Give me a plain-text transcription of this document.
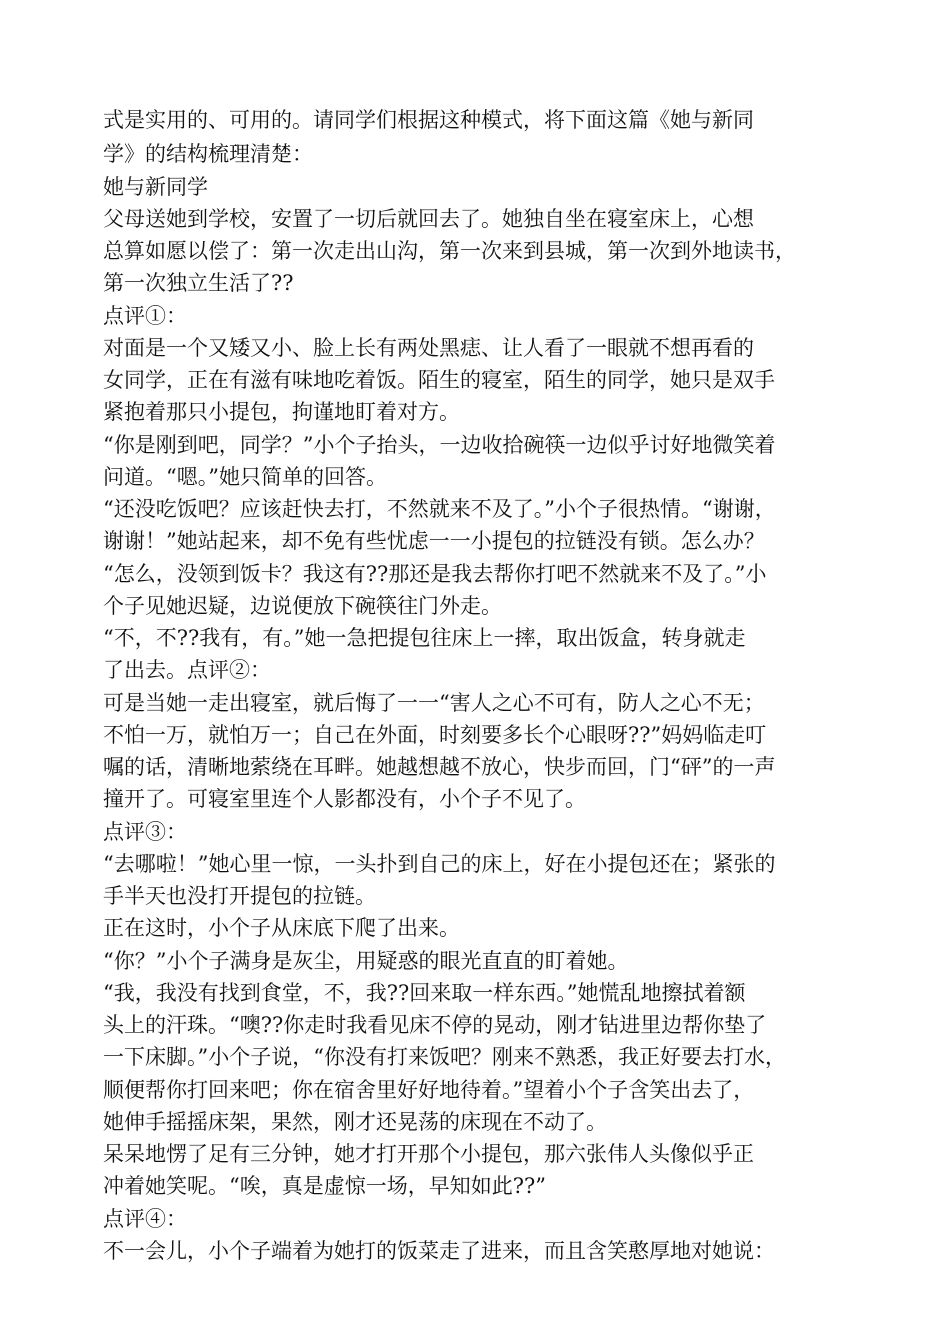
式是实用的、可用的。请同学们根据这种模式，将下面这篇《她与新同
学》的结构梳理清楚：
她与新同学
父母送她到学校，安置了一切后就回去了。她独自坐在寝室床上，心想
总算如愿以偿了：第一次走出山沟，第一次来到县城，第一次到外地读书，
第一次独立生活了??
点评①：
对面是一个又矮又小、脸上长有两处黑痣、让人看了一眼就不想再看的
女同学，正在有滋有味地吃着饭。陌生的寝室，陌生的同学，她只是双手
紧抱着那只小提包，拘谨地盯着对方。
“你是刚到吧，同学？”小个子抬头，一边收拾碗筷一边似乎讨好地微笑着
问道。“嗯。”她只简单的回答。
“还没吃饭吧？应该赶快去打，不然就来不及了。”小个子很热情。“谢谢，
谢谢！”她站起来，却不免有些忧虑一一小提包的拉链没有锁。怎么办？
“怎么，没领到饭卡？我这有??那还是我去帮你打吧不然就来不及了。”小
个子见她迟疑，边说便放下碗筷往门外走。
“不，不??我有，有。”她一急把提包往床上一摔，取出饭盒，转身就走
了出去。点评②：
可是当她一走出寝室，就后悔了一一“害人之心不可有，防人之心不无；
不怕一万，就怕万一；自己在外面，时刻要多长个心眼呀??”妈妈临走叮
嘱的话，清晰地萦绕在耳畔。她越想越不放心，快步而回，门“砰”的一声
撞开了。可寝室里连个人影都没有，小个子不见了。
点评③：
“去哪啦！”她心里一惊，一头扑到自己的床上，好在小提包还在；紧张的
手半天也没打开提包的拉链。
正在这时，小个子从床底下爬了出来。
“你？”小个子满身是灰尘，用疑惑的眼光直直的盯着她。
“我，我没有找到食堂，不，我??回来取一样东西。”她慌乱地擦拭着额
头上的汗珠。“噢??你走时我看见床不停的晃动，刚才钻进里边帮你垫了
一下床脚。”小个子说，“你没有打来饭吧？刚来不熟悉，我正好要去打水，
顺便帮你打回来吧；你在宿舍里好好地待着。”望着小个子含笑出去了，
她伸手摇摇床架，果然，刚才还晃荡的床现在不动了。
呆呆地愣了足有三分钟，她才打开那个小提包，那六张伟人头像似乎正
冲着她笑呢。“唉，真是虚惊一场，早知如此??”
点评④：
不一会儿，小个子端着为她打的饭菜走了进来，而且含笑憨厚地对她说：
